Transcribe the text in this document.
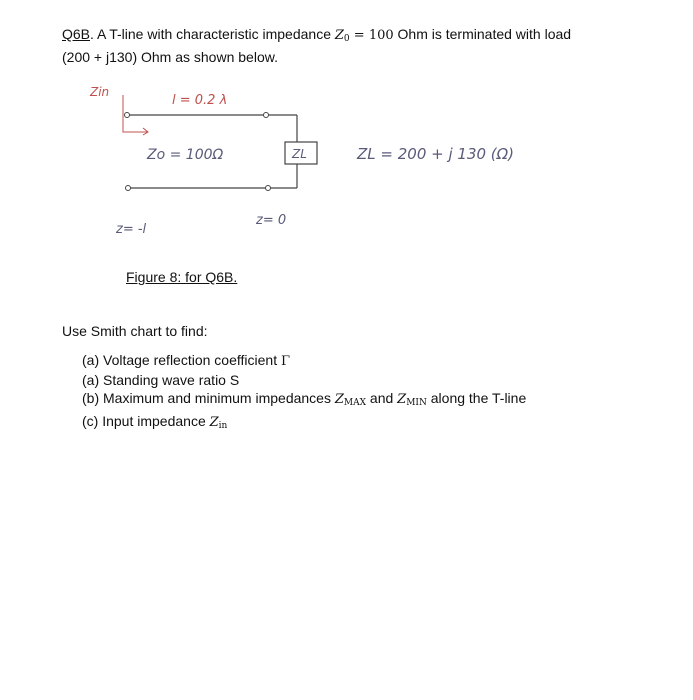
Q6B. A T-line with characteristic impedance $Z_0 = 100$ Ohm is terminated with load
(200 + j130) Ohm as shown below.
Zin
l = 0.2 λ
Zo = 100Ω	ZL	ZL = 200 + j 130 (Ω)
z= -l
z= 0
Figure 8: for Q6B.
Use Smith chart to find:
(a) Voltage reflection coefficient Γ
(a) Standing wave ratio S
(b) Maximum and minimum impedances $Z_{MAX}$ and $Z_{MIN}$ along the T-line
(c) Input impedance $Z_{in}$
